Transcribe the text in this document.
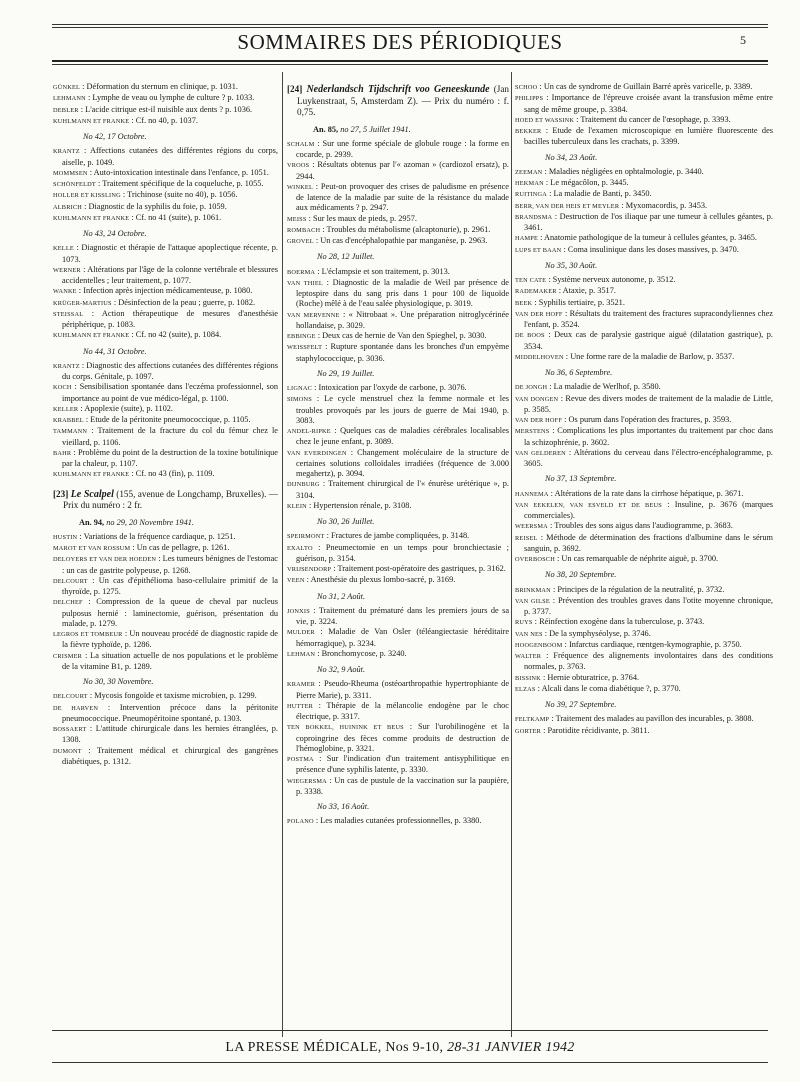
SOMMAIRES DES PÉRIODIQUES	5
GÜNKEL : Déformation du sternum en clinique, p. 1031.
LEHMANN : Lymphe de veau ou lymphe de culture ? p. 1033.
DEBLER : L'acide citrique est-il nuisible aux dents ? p. 1036.
KUHLMANN ET FRANKE : Cf. no 40, p. 1037.
No 42, 17 Octobre.
KRANTZ : Affections cutanées des différentes régions du corps, aiselle, p. 1049.
MOMMSEN : Auto-intoxication intestinale dans l'enfance, p. 1051.
SCHÖNFELDT : Traitement spécifique de la coqueluche, p. 1055.
HOLLER ET KISSLING : Trichinose (suite no 40), p. 1056.
ALBRICH : Diagnostic de la syphilis du foie, p. 1059.
KUHLMANN ET FRANKE : Cf. no 41 (suite), p. 1061.
No 43, 24 Octobre.
KELLE : Diagnostic et thérapie de l'attaque apoplectique récente, p. 1073.
WERNER : Altérations par l'âge de la colonne vertébrale et blessures accidentelles ; leur traitement, p. 1077.
WANKE : Infection après injection médicamenteuse, p. 1080.
KRÜGER-MARTIUS : Désinfection de la peau ; guerre, p. 1082.
STEISSAL : Action thérapeutique de mesures d'anesthésie périphérique, p. 1083.
KUHLMANN ET FRANKE : Cf. no 42 (suite), p. 1084.
No 44, 31 Octobre.
KRANTZ : Diagnostic des affections cutanées des différentes régions du corps. Génitale, p. 1097.
KOCH : Sensibilisation spontanée dans l'eczéma professionnel, son importance au point de vue médico-légal, p. 1100.
KELLER : Apoplexie (suite), p. 1102.
KRABBEL : Etude de la péritonite pneumococcique, p. 1105.
TAMMANN : Traitement de la fracture du col du fémur chez le vieillard, p. 1106.
BAHR : Problème du point de la destruction de la toxine botulinique par la chaleur, p. 1107.
KUHLMANN ET FRANKE : Cf. no 43 (fin), p. 1109.
[23] Le Scalpel (155, avenue de Longchamp, Bruxelles). — Prix du numéro : 2 fr.
An. 94, no 29, 20 Novembre 1941.
HUSTIN : Variations de la fréquence cardiaque, p. 1251.
MAROT ET VAN ROSSUM : Un cas de pellagre, p. 1261.
DELOYERS ET VAN DER HOEDEN : Les tumeurs bénignes de l'estomac : un cas de gastrite polypeuse, p. 1268.
DELCOURT : Un cas d'épithélioma baso-cellulaire primitif de la thyroïde, p. 1275.
DELCHEF : Compression de la queue de cheval par nucleus pulposus hernié : laminectomie, guérison, présentation du malade, p. 1279.
LEGROS ET TOMBEUR : Un nouveau procédé de diagnostic rapide de la fièvre typhoïde, p. 1286.
CRISMER : La situation actuelle de nos populations et le problème de la vitamine B1, p. 1289.
No 30, 30 Novembre.
DELCOURT : Mycosis fongoïde et taxisme microbien, p. 1299.
DE HARVEN : Intervention précoce dans la péritonite pneumococcique. Pneumopéritoine spontané, p. 1303.
BOSSAERT : L'attitude chirurgicale dans les hernies étranglées, p. 1308.
DUMONT : Traitement médical et chirurgical des gangrènes diabétiques, p. 1312.
[24] Nederlandsch Tijdschrift voo Geneeskunde (Jan Luykenstraat, 5, Amsterdam Z). — Prix du numéro : f. 0,75.
An. 85, no 27, 5 Juillet 1941.
SCHALM : Sur une forme spéciale de globule rouge : la forme en cocarde, p. 2939.
VROOS : Résultats obtenus par l'« azoman » (cardiozol ersatz), p. 2944.
WINKEL : Peut-on provoquer des crises de paludisme en présence de latence de la maladie par suite de la résistance du malade aux médicaments ? p. 2947.
MEISS : Sur les maux de pieds, p. 2957.
ROMBACH : Troubles du métabolisme (alcaptonurie), p. 2961.
GROVEL : Un cas d'encéphalopathie par manganèse, p. 2963.
No 28, 12 Juillet.
BOERMA : L'éclampsie et son traitement, p. 3013.
VAN THIEL : Diagnostic de la maladie de Weil par présence de leptospire dans du sang pris dans 1 pour 100 de liquoïde (Roche) mêlé à de l'eau salée physiologique, p. 3019.
VAN MERVENNE : « Nitrobaat ». Une préparation nitroglycérinée hollandaise, p. 3029.
EBBINGE : Deux cas de hernie de Van den Spieghel, p. 3030.
WEISSFELT : Rupture spontanée dans les bronches d'un empyème staphylococcique, p. 3036.
No 29, 19 Juillet.
LIGNAC : Intoxication par l'oxyde de carbone, p. 3076.
SIMONS : Le cycle menstruel chez la femme normale et les troubles provoqués par les jours de guerre de Mai 1940, p. 3083.
ANDEL-RIPKE : Quelques cas de maladies cérébrales localisables chez le jeune enfant, p. 3089.
VAN EVERDINGEN : Changement moléculaire de la structure de certaines solutions colloïdales irradiées (fréquence de 3.000 megahertz), p. 3094.
DIJNBURG : Traitement chirurgical de l'« énurèse urétérique », p. 3104.
KLEIN : Hypertension rénale, p. 3108.
No 30, 26 Juillet.
SPEIRMONT : Fractures de jambe compliquées, p. 3148.
EXALTO : Pneumectomie en un temps pour bronchiectasie ; guérison, p. 3154.
VRIJSENDORP : Traitement post-opératoire des gastriques, p. 3162.
VEEN : Anesthésie du plexus lombo-sacré, p. 3169.
No 31, 2 Août.
JONXIS : Traitement du prématuré dans les premiers jours de sa vie, p. 3224.
MULDER : Maladie de Van Osler (téléangiectasie héréditaire hémorragique), p. 3234.
LEHMAN : Bronchomycose, p. 3240.
No 32, 9 Août.
KRAMER : Pseudo-Rheuma (ostéoarthropathie hypertrophiante de Pierre Marie), p. 3311.
HUTTER : Thérapie de la mélancolie endogène par le choc électrique, p. 3317.
TEN BOKKEL, HUININK ET BEUS : Sur l'urobilinogène et la coproingrine des fèces comme produits de destruction de l'hémoglobine, p. 3321.
POSTMA : Sur l'indication d'un traitement antisyphilitique en présence d'une syphilis latente, p. 3330.
WIEGERSMA : Un cas de pustule de la vaccination sur la paupière, p. 3338.
No 33, 16 Août.
POLANO : Les maladies cutanées professionnelles, p. 3380.
SCHOO : Un cas de syndrome de Guillain Barré après varicelle, p. 3389.
PHILIPPS : Importance de l'épreuve croisée avant la transfusion même entre sang de même groupe, p. 3384.
HOED ET WASSINK : Traitement du cancer de l'œsophage, p. 3393.
BEKKER : Etude de l'examen microscopique en lumière fluorescente des bacilles tuberculeux dans les crachats, p. 3399.
No 34, 23 Août.
ZEEMAN : Maladies négligées en ophtalmologie, p. 3440.
HEKMAN : Le mégacôlon, p. 3445.
RUITINGA : La maladie de Banti, p. 3450.
BERR, VAN DER HEIS ET MEYLER : Myxomacordis, p. 3453.
BRANDSMA : Destruction de l'os iliaque par une tumeur à cellules géantes, p. 3461.
HAMPE : Anatomie pathologique de la tumeur à cellules géantes, p. 3465.
LUPS ET BAAN : Coma insulinique dans les doses massives, p. 3470.
No 35, 30 Août.
TEN CATE : Système nerveux autonome, p. 3512.
RADEMAKER : Ataxie, p. 3517.
BEEK : Syphilis tertiaire, p. 3521.
VAN DER HOFF : Résultats du traitement des fractures supracondyliennes chez l'enfant, p. 3524.
DE BOOS : Deux cas de paralysie gastrique aiguë (dilatation gastrique), p. 3534.
MIDDELHOVEN : Une forme rare de la maladie de Barlow, p. 3537.
No 36, 6 Septembre.
DE JONGH : La maladie de Werlhof, p. 3580.
VAN DONGEN : Revue des divers modes de traitement de la maladie de Little, p. 3585.
VAN DER HOFF : Os purum dans l'opération des fractures, p. 3593.
MERSTENS : Complications les plus importantes du traitement par choc dans la schizophrénie, p. 3602.
VAN GELDEREN : Altérations du cerveau dans l'électro-encéphalogramme, p. 3605.
No 37, 13 Septembre.
HANNEMA : Altérations de la rate dans la cirrhose hépatique, p. 3671.
VAN EEKELEN, VAN ESVELD ET DE BEUS : Insuline, p. 3676 (marques commerciales).
WEERSMA : Troubles des sons aigus dans l'audiogramme, p. 3683.
REISEL : Méthode de détermination des fractions d'albumine dans le sérum sanguin, p. 3692.
OVERBOSCH : Un cas remarquable de néphrite aiguë, p. 3700.
No 38, 20 Septembre.
BRINKMAN : Principes de la régulation de la neutralité, p. 3732.
VAN GILSE : Prévention des troubles graves dans l'otite moyenne chronique, p. 3737.
RUYS : Réinfection exogène dans la tuberculose, p. 3743.
VAN NES : De la symphyséolyse, p. 3746.
HOOGENBOOM : Infarctus cardiaque, rœntgen-kymographie, p. 3750.
WALTER : Fréquence des alignements involontaires dans des conditions normales, p. 3763.
BISSINK : Hernie obturatrice, p. 3764.
ELZAS : Alcali dans le coma diabétique ?, p. 3770.
No 39, 27 Septembre.
FELTKAMP : Traitement des malades au pavillon des incurables, p. 3808.
GORTER : Parotidite récidivante, p. 3811.
LA PRESSE MÉDICALE, Nos 9-10, 28-31 JANVIER 1942
